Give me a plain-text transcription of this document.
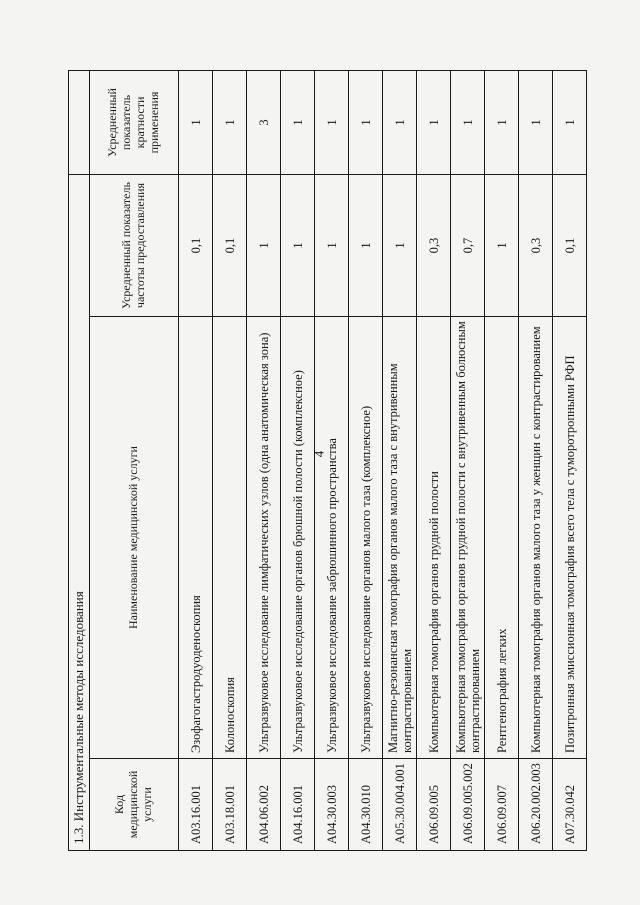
4
1.3. Инструментальные методы исследования			
Код медицинской услуги	Наименование медицинской услуги	Усредненный показатель частоты предоставления	Усредненный показатель кратности применения
A03.16.001	Эзофагогастродуоденоскопия	0,1	1
A03.18.001	Колоноскопия	0,1	1
A04.06.002	Ультразвуковое исследование лимфатических узлов (одна анатомическая зона)	1	3
A04.16.001	Ультразвуковое исследование органов брюшной полости (комплексное)	1	1
A04.30.003	Ультразвуковое исследование забрюшинного пространства	1	1
A04.30.010	Ультразвуковое исследование органов малого таза (комплексное)	1	1
A05.30.004.001	Магнитно-резонансная томография органов малого таза с внутривенным контрастированием	1	1
A06.09.005	Компьютерная томография органов грудной полости	0,3	1
A06.09.005.002	Компьютерная томография органов грудной полости с внутривенным болюсным контрастированием	0,7	1
A06.09.007	Рентгенография легких	1	1
A06.20.002.003	Компьютерная томография органов малого таза у женщин с контрастированием	0,3	1
A07.30.042	Позитронная эмиссионная томография всего тела с туморотропными РФП	0,1	1
